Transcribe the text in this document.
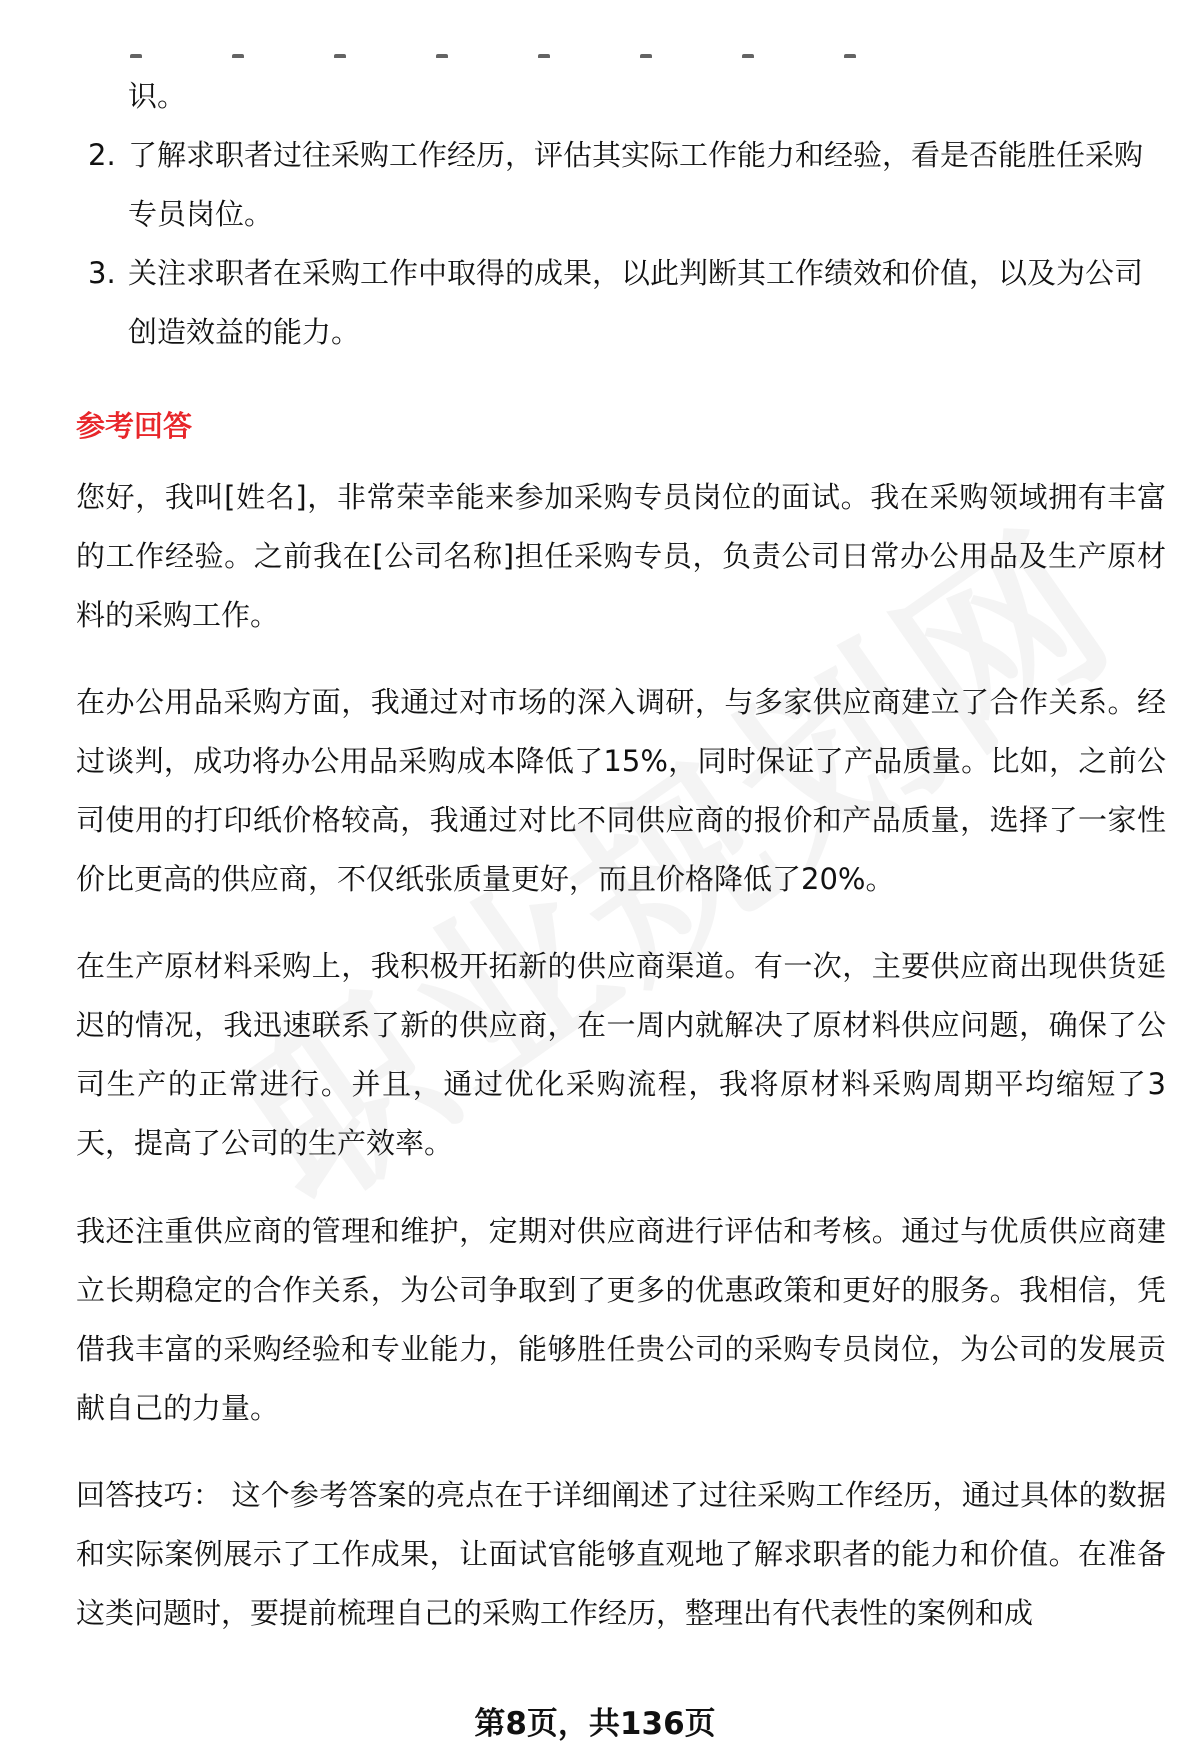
识。
2. 了解求职者过往采购工作经历，评估其实际工作能力和经验，看是否能胜任采购专员岗位。
3. 关注求职者在采购工作中取得的成果，以此判断其工作绩效和价值，以及为公司创造效益的能力。
参考回答
您好，我叫[姓名]，非常荣幸能来参加采购专员岗位的面试。我在采购领域拥有丰富的工作经验。之前我在[公司名称]担任采购专员，负责公司日常办公用品及生产原材料的采购工作。
在办公用品采购方面，我通过对市场的深入调研，与多家供应商建立了合作关系。经过谈判，成功将办公用品采购成本降低了15%，同时保证了产品质量。比如，之前公司使用的打印纸价格较高，我通过对比不同供应商的报价和产品质量，选择了一家性价比更高的供应商，不仅纸张质量更好，而且价格降低了20%。
在生产原材料采购上，我积极开拓新的供应商渠道。有一次，主要供应商出现供货延迟的情况，我迅速联系了新的供应商，在一周内就解决了原材料供应问题，确保了公司生产的正常进行。并且，通过优化采购流程，我将原材料采购周期平均缩短了3天，提高了公司的生产效率。
我还注重供应商的管理和维护，定期对供应商进行评估和考核。通过与优质供应商建立长期稳定的合作关系，为公司争取到了更多的优惠政策和更好的服务。我相信，凭借我丰富的采购经验和专业能力，能够胜任贵公司的采购专员岗位，为公司的发展贡献自己的力量。
回答技巧： 这个参考答案的亮点在于详细阐述了过往采购工作经历，通过具体的数据和实际案例展示了工作成果，让面试官能够直观地了解求职者的能力和价值。在准备这类问题时，要提前梳理自己的采购工作经历，整理出有代表性的案例和成
第8页，共136页
